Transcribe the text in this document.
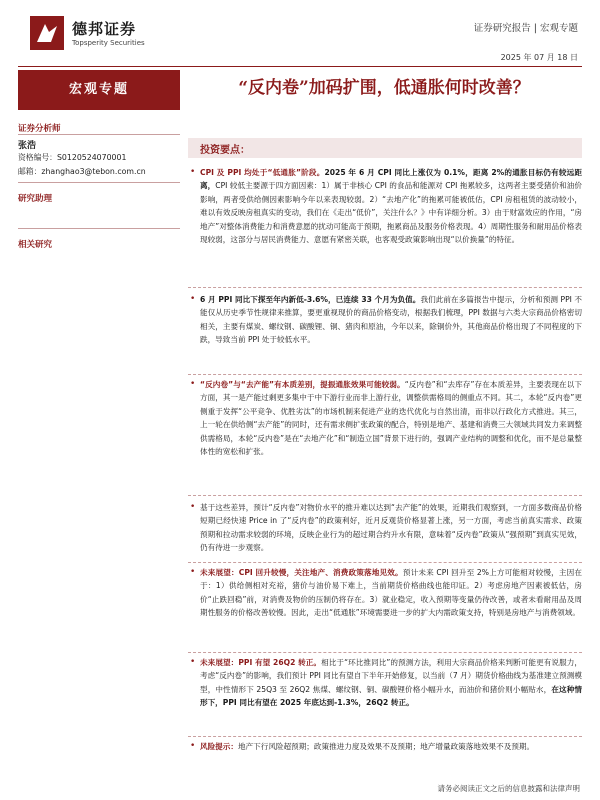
德邦证券
Topsperity Securities
证券研究报告 | 宏观专题
2025 年 07 月 18 日
宏观专题
证券分析师
张浩
资格编号：S0120524070001
邮箱：zhanghao3@tebon.com.cn
研究助理
相关研究
“反内卷”加码扩围，低通胀何时改善？
投资要点：
• CPI 及 PPI 均处于“低通胀”阶段。2025 年 6 月 CPI 同比上涨仅为 0.1%，距离 2%的通胀目标仍有较远距离，CPI 较低主要源于四方面因素：1）属于非核心 CPI 的食品和能源对 CPI 拖累较多，这两者主要受猪价和油价影响，两者受供给侧因素影响今年以来表现较弱。2）“去地产化”的拖累可能被低估，CPI 房租租赁的波动较小，难以有效反映房租真实的变动，我们在《走出“低价”，关注什么？》中有详细分析。3）由于财富效应的作用，“房地产”对整体消费能力和消费意愿的扰动可能高于预期，拖累商品及服务价格表现。4）周期性服务和耐用品价格表现较弱，这部分与居民消费能力、意愿有紧密关联，也客观受政策影响出现“以价换量”的特征。
• 6 月 PPI 同比下探至年内新低-3.6%，已连续 33 个月为负值。我们此前在多篇报告中提示，分析和预测 PPI 不能仅从历史季节性规律来推算，要更重视现价的商品价格变动，根据我们梳理，PPI 数据与六类大宗商品价格密切相关，主要有煤炭、螺纹钢、碳酸锂、铜、猪肉和原油，今年以来，除铜价外，其他商品价格出现了不同程度的下跌，导致当前 PPI 处于较低水平。
• “反内卷”与“去产能”有本质差别，提振通胀效果可能较弱。“反内卷”和“去库存”存在本质差异，主要表现在以下方面，其一是产能过剩更多集中于中下游行业而非上游行业，调整供需格局的侧重点不同。其二，本轮“反内卷”更侧重于发挥“公平竞争、优胜劣汰”的市场机制来促进产业的迭代优化与自然出清，而非以行政化方式推进。其三，上一轮在供给侧“去产能”的同时，还有需求侧扩张政策的配合，特别是地产、基建和消费三大领域共同发力来调整供需格局，本轮“反内卷”是在“去地产化”和“制造立国”背景下进行的，强调产业结构的调整和优化，而不是总量整体性的宽松和扩张。
• 基于这些差异，预计“反内卷”对物价水平的推升难以达到“去产能”的效果，近期我们观察到，一方面多数商品价格短期已经快速 Price in 了“反内卷”的政策利好，近月反观货价格显著上涨，另一方面，考虑当前真实需求、政策预期和拉动需求较弱的环境，反映企业行为的超过期合约升水有限，意味着“反内卷”政策从“强预期”到真实见效，仍有待进一步观察。
• 未来展望：CPI 回升较慢，关注地产、消费政策落地见效。预计未来 CPI 回升至 2%上方可能相对较慢，主因在于：1）供给侧相对充裕，猪价与油价易下难上，当前期货价格曲线也能印证。2）考虑房地产因素被低估，房价“止跌回稳”前，对消费及物价的压制仍将存在。3）就业稳定，收入预期等变量仍待改善，或者未看耐用品及周期性服务的价格改善较慢。因此，走出“低通胀”环境需要进一步的扩大内需政策支持，特别是房地产与消费领域。
• 未来展望：PPI 有望 26Q2 转正。相比于“环比推同比”的预测方法，利用大宗商品价格来判断可能更有说服力，考虑“反内卷”的影响，我们预计 PPI 同比有望自下半年开始修复，以当前（7 月）期货价格曲线为基准建立预测模型，中性情形下 25Q3 至 26Q2 焦煤、螺纹钢、铜、碳酸锂价格小幅升水，而油价和猪价则小幅贴水，在这种情形下，PPI 同比有望在 2025 年底达到-1.3%，26Q2 转正。
• 风险提示：地产下行风险超预期；政策推进力度及效果不及预期；地产增量政策落地效果不及预期。
请务必阅读正文之后的信息披露和法律声明
